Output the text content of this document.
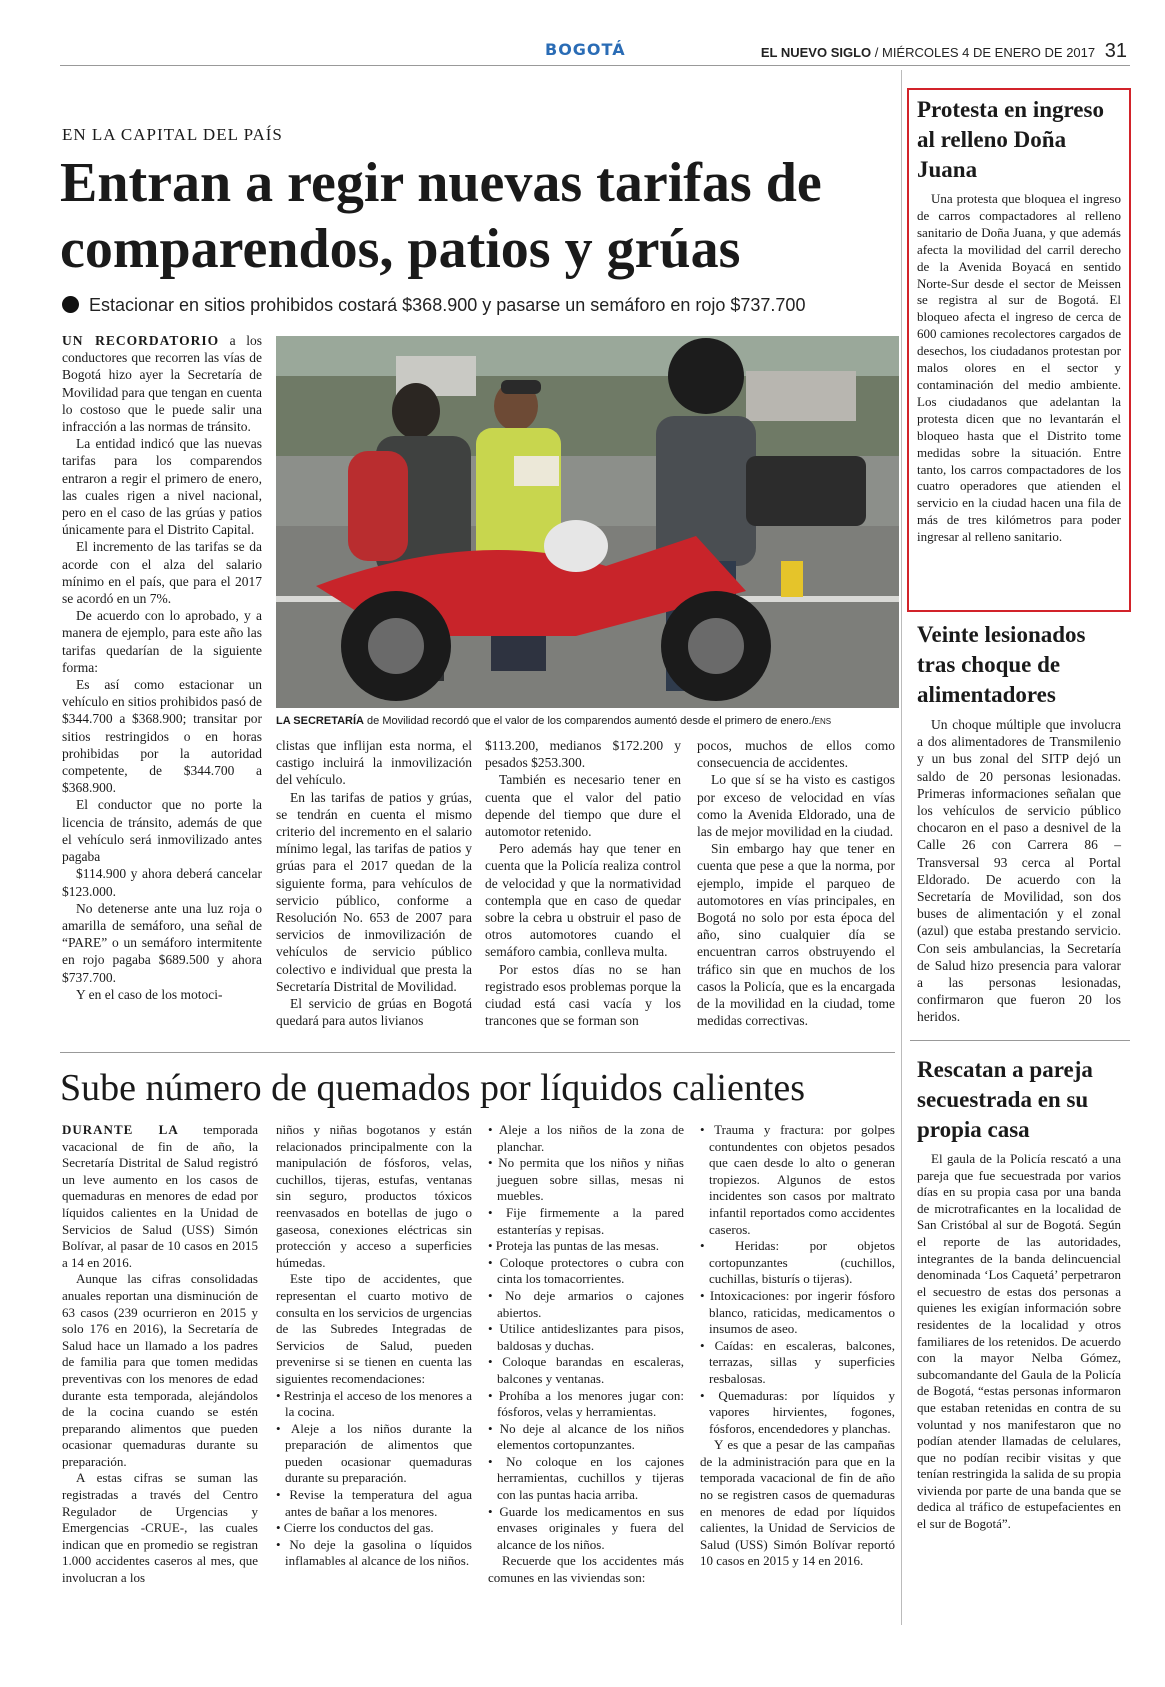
BOGOTÁ	EL NUEVO SIGLO / MIÉRCOLES 4 DE ENERO DE 2017 31
EN LA CAPITAL DEL PAÍS
Entran a regir nuevas tarifas de comparendos, patios y grúas
Estacionar en sitios prohibidos costará $368.900 y pasarse un semáforo en rojo $737.700

UN RECORDATORIO a los conductores que recorren las vías de Bogotá hizo ayer la Secretaría de Movilidad para que tengan en cuenta lo costoso que le puede salir una infracción a las normas de tránsito.

La entidad indicó que las nuevas tarifas para los comparendos entraron a regir el primero de enero, las cuales rigen a nivel nacional, pero en el caso de las grúas y patios únicamente para el Distrito Capital.

El incremento de las tarifas se da acorde con el alza del salario mínimo en el país, que para el 2017 se acordó en un 7%.

De acuerdo con lo aprobado, y a manera de ejemplo, para este año las tarifas quedarían de la siguiente forma:

Es así como estacionar un vehículo en sitios prohibidos pasó de $344.700 a $368.900; transitar por sitios restringidos o en horas prohibidas por la autoridad competente, de $344.700 a $368.900.

El conductor que no porte la licencia de tránsito, además de que el vehículo será inmovilizado antes pagaba

$114.900 y ahora deberá cancelar $123.000.

No detenerse ante una luz roja o amarilla de semáforo, una señal de “PARE” o un semáforo intermitente en rojo pagaba $689.500 y ahora $737.700.

Y en el caso de los motoci-

LA SECRETARÍA de Movilidad recordó que el valor de los comparendos aumentó desde el primero de enero./ENS

clistas que inflijan esta norma, el castigo incluirá la inmovilización del vehículo.

En las tarifas de patios y grúas, se tendrán en cuenta el mismo criterio del incremento en el salario mínimo legal, las tarifas de patios y grúas para el 2017 quedan de la siguiente forma, para vehículos de servicio público, conforme a Resolución No. 653 de 2007 para servicios de inmovilización de vehículos de servicio público colectivo e individual que presta la Secretaría Distrital de Movilidad.

El servicio de grúas en Bogotá quedará para autos livianos

$113.200, medianos $172.200 y pesados $253.300.

También es necesario tener en cuenta que el valor del patio depende del tiempo que dure el automotor retenido.

Pero además hay que tener en cuenta que la Policía realiza control de velocidad y que la normatividad contempla que en caso de quedar sobre la cebra u obstruir el paso de otros automotores cuando el semáforo cambia, conlleva multa.

Por estos días no se han registrado esos problemas porque la ciudad está casi vacía y los trancones que se forman son

pocos, muchos de ellos como consecuencia de accidentes.

Lo que sí se ha visto es castigos por exceso de velocidad en vías como la Avenida Eldorado, una de las de mejor movilidad en la ciudad.

Sin embargo hay que tener en cuenta que pese a que la norma, por ejemplo, impide el parqueo de automotores en vías principales, en Bogotá no solo por esta época del año, sino cualquier día se encuentran carros obstruyendo el tráfico sin que en muchos de los casos la Policía, que es la encargada de la movilidad en la ciudad, tome medidas correctivas.

Sube número de quemados por líquidos calientes

DURANTE LA temporada vacacional de fin de año, la Secretaría Distrital de Salud registró un leve aumento en los casos de quemaduras en menores de edad por líquidos calientes en la Unidad de Servicios de Salud (USS) Simón Bolívar, al pasar de 10 casos en 2015 a 14 en 2016.

Aunque las cifras consolidadas anuales reportan una disminución de 63 casos (239 ocurrieron en 2015 y solo 176 en 2016), la Secretaría de Salud hace un llamado a los padres de familia para que tomen medidas preventivas con los menores de edad durante esta temporada, alejándolos de la cocina cuando se estén preparando alimentos que pueden ocasionar quemaduras durante su preparación.

A estas cifras se suman las registradas a través del Centro Regulador de Urgencias y Emergencias -CRUE-, las cuales indican que en promedio se registran 1.000 accidentes caseros al mes, que involucran a los

niños y niñas bogotanos y están relacionados principalmente con la manipulación de fósforos, velas, cuchillos, tijeras, estufas, ventanas sin seguro, productos tóxicos reenvasados en botellas de jugo o gaseosa, conexiones eléctricas sin protección y acceso a superficies húmedas.

Este tipo de accidentes, que representan el cuarto motivo de consulta en los servicios de urgencias de las Subredes Integradas de Servicios de Salud, pueden prevenirse si se tienen en cuenta las siguientes recomendaciones:

• Restrinja el acceso de los menores a la cocina.
• Aleje a los niños durante la preparación de alimentos que pueden ocasionar quemaduras durante su preparación.
• Revise la temperatura del agua antes de bañar a los menores.
• Cierre los conductos del gas.
• No deje la gasolina o líquidos inflamables al alcance de los niños.
• Aleje a los niños de la zona de planchar.
• No permita que los niños y niñas jueguen sobre sillas, mesas ni muebles.
• Fije firmemente a la pared estanterías y repisas.
• Proteja las puntas de las mesas.
• Coloque protectores o cubra con cinta los tomacorrientes.
• No deje armarios o cajones abiertos.
• Utilice antideslizantes para pisos, baldosas y duchas.
• Coloque barandas en escaleras, balcones y ventanas.
• Prohíba a los menores jugar con: fósforos, velas y herramientas.
• No deje al alcance de los niños elementos cortopunzantes.
• No coloque en los cajones herramientas, cuchillos y tijeras con las puntas hacia arriba.
• Guarde los medicamentos en sus envases originales y fuera del alcance de los niños.

Recuerde que los accidentes más comunes en las viviendas son:

• Trauma y fractura: por golpes contundentes con objetos pesados que caen desde lo alto o generan tropiezos. Algunos de estos incidentes son casos por maltrato infantil reportados como accidentes caseros.
• Heridas: por objetos cortopunzantes (cuchillos, cuchillas, bisturís o tijeras).
• Intoxicaciones: por ingerir fósforo blanco, raticidas, medicamentos o insumos de aseo.
• Caídas: en escaleras, balcones, terrazas, sillas y superficies resbalosas.
• Quemaduras: por líquidos y vapores hirvientes, fogones, fósforos, encendedores y planchas.

Y es que a pesar de las campañas de la administración para que en la temporada vacacional de fin de año no se registren casos de quemaduras en menores de edad por líquidos calientes, la Unidad de Servicios de Salud (USS) Simón Bolívar reportó 10 casos en 2015 y 14 en 2016.

Protesta en ingreso al relleno Doña Juana

Una protesta que bloquea el ingreso de carros compactadores al relleno sanitario de Doña Juana, y que además afecta la movilidad del carril derecho de la Avenida Boyacá en sentido Norte-Sur desde el sector de Meissen se registra al sur de Bogotá. El bloqueo afecta el ingreso de cerca de 600 camiones recolectores cargados de desechos, los ciudadanos protestan por malos olores en el sector y contaminación del medio ambiente. Los ciudadanos que adelantan la protesta dicen que no levantarán el bloqueo hasta que el Distrito tome medidas sobre la situación. Entre tanto, los carros compactadores de los cuatro operadores que atienden el servicio en la ciudad hacen una fila de más de tres kilómetros para poder ingresar al relleno sanitario.

Veinte lesionados tras choque de alimentadores

Un choque múltiple que involucra a dos alimentadores de Transmilenio y un bus zonal del SITP dejó un saldo de 20 personas lesionadas. Primeras informaciones señalan que los vehículos de servicio público chocaron en el paso a desnivel de la Calle 26 con Carrera 86 – Transversal 93 cerca al Portal Eldorado. De acuerdo con la Secretaría de Movilidad, son dos buses de alimentación y el zonal (azul) que estaba prestando servicio. Con seis ambulancias, la Secretaría de Salud hizo presencia para valorar a las personas lesionadas, confirmaron que fueron 20 los heridos.

Rescatan a pareja secuestrada en su propia casa

El gaula de la Policía rescató a una pareja que fue secuestrada por varios días en su propia casa por una banda de microtraficantes en la localidad de San Cristóbal al sur de Bogotá. Según el reporte de las autoridades, integrantes de la banda delincuencial denominada ‘Los Caquetá’ perpetraron el secuestro de estas dos personas a quienes les exigían información sobre residentes de la localidad y otros familiares de los retenidos. De acuerdo con la mayor Nelba Gómez, subcomandante del Gaula de la Policía de Bogotá, “estas personas informaron que estaban retenidas en contra de su voluntad y nos manifestaron que no podían atender llamadas de celulares, que no podían recibir visitas y que tenían restringida la salida de su propia vivienda por parte de una banda que se dedica al tráfico de estupefacientes en el sur de Bogotá”.
